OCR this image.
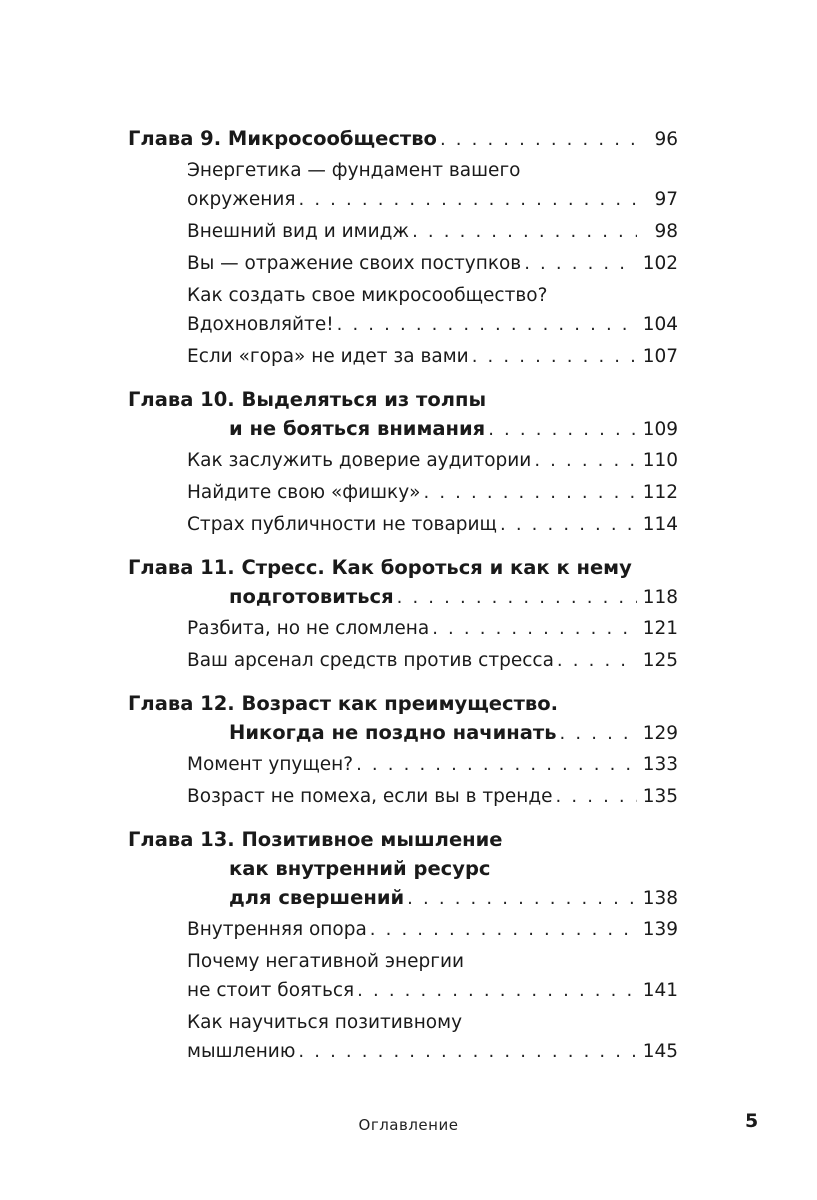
Глава 9. Микросообщество . . .	96
Энергетика — фундамент вашего
окружения . . .	97
Внешний вид и имидж . . .	98
Вы — отражение своих поступков . . .	102
Как создать свое микросообщество?
Вдохновляйте! . . .	104
Если «гора» не идет за вами . . .	107
Глава 10. Выделяться из толпы
и не бояться внимания . . .	109
Как заслужить доверие аудитории . . .	110
Найдите свою «фишку» . . .	112
Страх публичности не товарищ . . .	114
Глава 11. Стресс. Как бороться и как к нему
подготовиться . . .	118
Разбита, но не сломлена . . .	121
Ваш арсенал средств против стресса . . .	125
Глава 12. Возраст как преимущество.
Никогда не поздно начинать . . .	129
Момент упущен? . . .	133
Возраст не помеха, если вы в тренде . . .	135
Глава 13. Позитивное мышление
как внутренний ресурс
для свершений . . .	138
Внутренняя опора . . .	139
Почему негативной энергии
не стоит бояться . . .	141
Как научиться позитивному
мышлению . . .	145
Оглавление	5
